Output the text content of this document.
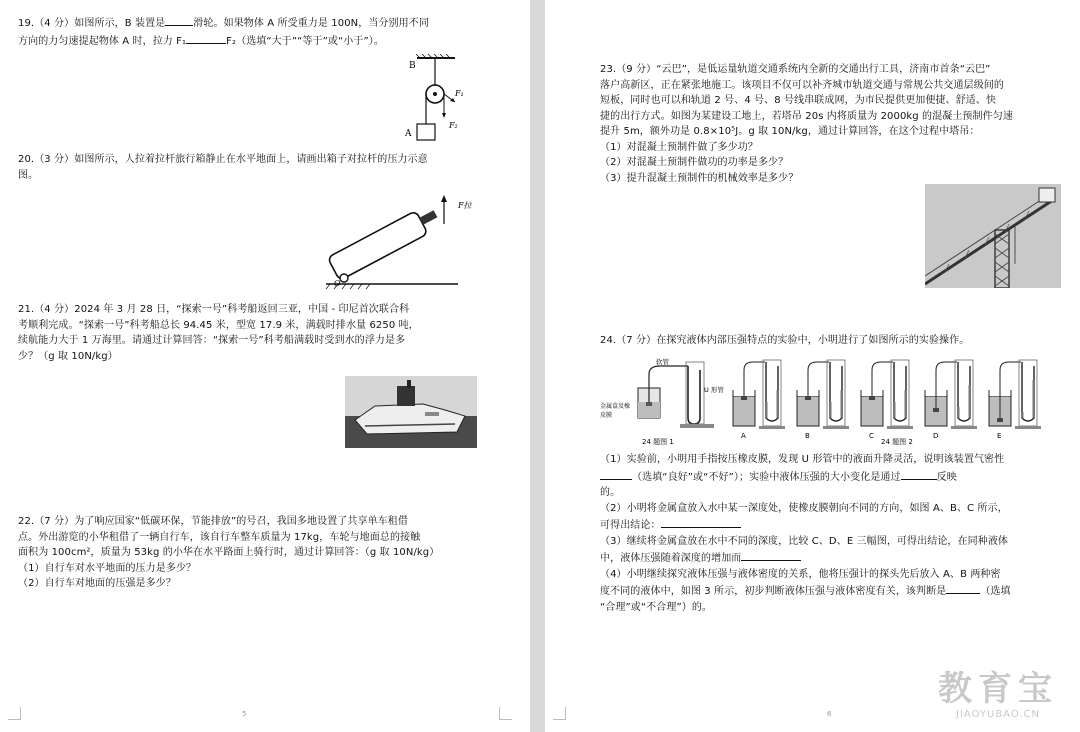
19.（4 分）如图所示，B 装置是	滑轮。如果物体 A 所受重力是 100N，当分别用不同

方向的力匀速提起物体 A 时，拉力 F₁	F₂（选填“大于”“等于”或“小于”）。

B
A
F₁
F₂

20.（3 分）如图所示，人拉着拉杆旅行箱静止在水平地面上，请画出箱子对拉杆的压力示意

图。

F拉
O

21.（4 分）2024 年 3 月 28 日，“探索一号”科考船返回三亚，中国 - 印尼首次联合科

考顺利完成。“探索一号”科考船总长 94.45 米，型宽 17.9 米，满载时排水量 6250 吨，

续航能力大于 1 万海里。请通过计算回答：“探索一号”科考船满载时受到水的浮力是多

少？（g 取 10N/kg）

22.（7 分）为了响应国家“低碳环保，节能排放”的号召，我国多地设置了共享单车租借

点。外出游览的小华租借了一辆自行车，该自行车整车质量为 17kg，车轮与地面总的接触

面积为 100cm²，质量为 53kg 的小华在水平路面上骑行时，通过计算回答：（g 取 10N/kg）

（1）自行车对水平地面的压力是多少？

（2）自行车对地面的压强是多少？

5

23.（9 分）“云巴”，是低运量轨道交通系统内全新的交通出行工具，济南市首条“云巴”

落户高新区，正在紧张地施工。该项目不仅可以补齐城市轨道交通与常规公共交通层级间的

短板，同时也可以和轨道 2 号、4 号、8 号线串联成网，为市民提供更加便捷、舒适、快

捷的出行方式。如图为某建设工地上，若塔吊 20s 内将质量为 2000kg 的混凝土预制件匀速

提升 5m，额外功是 0.8×10⁵J。g 取 10N/kg，通过计算回答，在这个过程中塔吊：

（1）对混凝土预制件做了多少功？

（2）对混凝土预制件做功的功率是多少？

（3）提升混凝土预制件的机械效率是多少？

24.（7 分）在探究液体内部压强特点的实验中，小明进行了如图所示的实验操作。

软管
U 形管
金属盒及橡
皮膜
24 题图 1	24 题图 2
A	B	C	D	E

（1）实验前，小明用手指按压橡皮膜，发现 U 形管中的液面升降灵活，说明该装置气密性

（选填“良好”或“不好”）；实验中液体压强的大小变化是通过	反映

的。

（2）小明将金属盒放入水中某一深度处，使橡皮膜朝向不同的方向，如图 A、B、C 所示，

可得出结论：

（3）继续将金属盒放在水中不同的深度，比较 C、D、E 三幅图，可得出结论，在同种液体

中，液体压强随着深度的增加而

（4）小明继续探究液体压强与液体密度的关系，他将压强计的探头先后放入 A、B 两种密

度不同的液体中，如图 3 所示，初步判断液体压强与液体密度有关，该判断是	（选填

“合理”或“不合理”）的。

6
教育宝
JIAOYUBAO.CN
